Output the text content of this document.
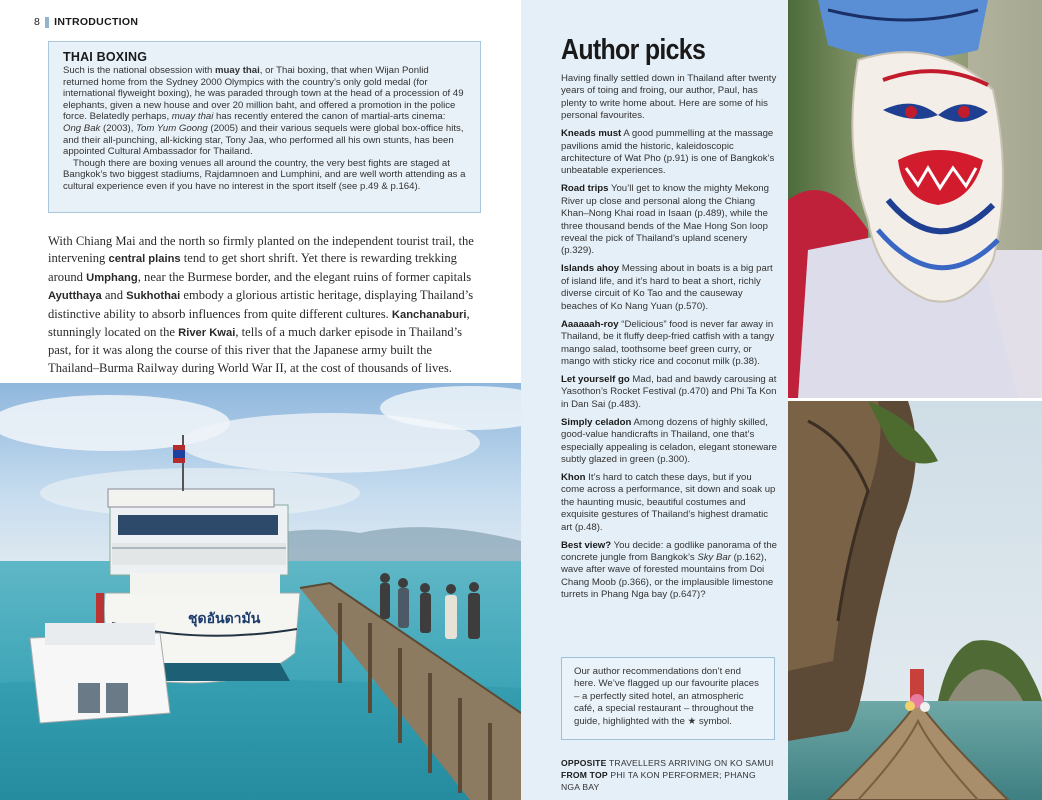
8 INTRODUCTION
THAI BOXING

Such is the national obsession with muay thai, or Thai boxing, that when Wijan Ponlid returned home from the Sydney 2000 Olympics with the country’s only gold medal (for international flyweight boxing), he was paraded through town at the head of a procession of 49 elephants, given a new house and over 20 million baht, and offered a promotion in the police force. Belatedly perhaps, muay thai has recently entered the canon of martial-arts cinema: Ong Bak (2003), Tom Yum Goong (2005) and their various sequels were global box-office hits, and their all-punching, all-kicking star, Tony Jaa, who performed all his own stunts, has been appointed Cultural Ambassador for Thailand.

Though there are boxing venues all around the country, the very best fights are staged at Bangkok’s two biggest stadiums, Rajdamnoen and Lumphini, and are well worth attending as a cultural experience even if you have no interest in the sport itself (see p.49 & p.164).

With Chiang Mai and the north so firmly planted on the independent tourist trail, the intervening central plains tend to get short shrift. Yet there is rewarding trekking around Umphang, near the Burmese border, and the elegant ruins of former capitals Ayutthaya and Sukhothai embody a glorious artistic heritage, displaying Thailand’s distinctive ability to absorb influences from quite different cultures. Kanchanaburi, stunningly located on the River Kwai, tells of a much darker episode in Thailand’s past, for it was along the course of this river that the Japanese army built the Thailand–Burma Railway during World War II, at the cost of thousands of lives.

ชุดอันดามัน
Author picks

Having finally settled down in Thailand after twenty years of toing and froing, our author, Paul, has plenty to write home about. Here are some of his personal favourites.

Kneads must A good pummelling at the massage pavilions amid the historic, kaleidoscopic architecture of Wat Pho (p.91) is one of Bangkok’s unbeatable experiences.

Road trips You’ll get to know the mighty Mekong River up close and personal along the Chiang Khan–Nong Khai road in Isaan (p.489), while the three thousand bends of the Mae Hong Son loop reveal the pick of Thailand’s upland scenery (p.329).

Islands ahoy Messing about in boats is a big part of island life, and it’s hard to beat a short, richly diverse circuit of Ko Tao and the causeway beaches of Ko Nang Yuan (p.570).

Aaaaaah-roy “Delicious” food is never far away in Thailand, be it fluffy deep-fried catfish with a tangy mango salad, toothsome beef green curry, or mango with sticky rice and coconut milk (p.38).

Let yourself go Mad, bad and bawdy carousing at Yasothon’s Rocket Festival (p.470) and Phi Ta Kon in Dan Sai (p.483).

Simply celadon Among dozens of highly skilled, good-value handicrafts in Thailand, one that’s especially appealing is celadon, elegant stoneware subtly glazed in green (p.300).

Khon It’s hard to catch these days, but if you come across a performance, sit down and soak up the haunting music, beautiful costumes and exquisite gestures of Thailand’s highest dramatic art (p.48).

Best view? You decide: a godlike panorama of the concrete jungle from Bangkok’s Sky Bar (p.162), wave after wave of forested mountains from Doi Chang Moob (p.366), or the implausible limestone turrets in Phang Nga bay (p.647)?

Our author recommendations don’t end here. We’ve flagged up our favourite places – a perfectly sited hotel, an atmospheric café, a special restaurant – throughout the guide, highlighted with the ★ symbol.

OPPOSITE TRAVELLERS ARRIVING ON KO SAMUI FROM TOP PHI TA KON PERFORMER; PHANG NGA BAY
